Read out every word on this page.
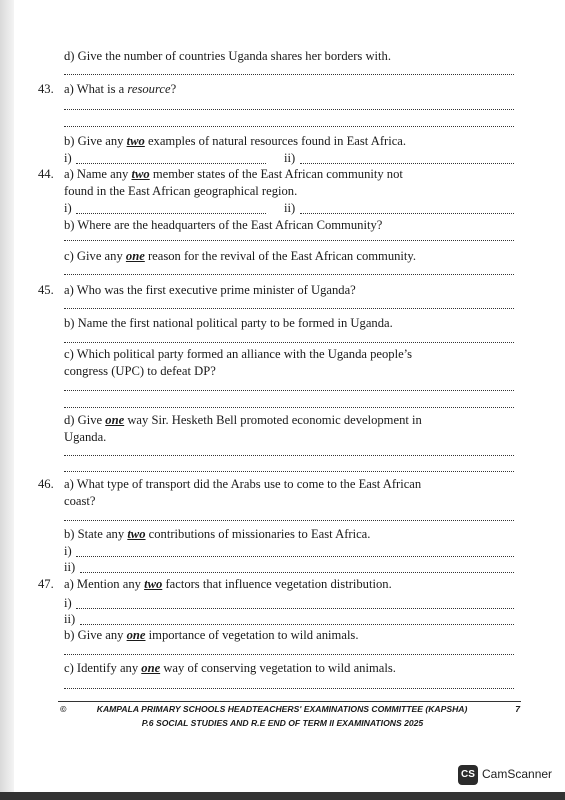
d) Give the number of countries Uganda shares her borders with.
43. a) What is a resource?
b) Give any two examples of natural resources found in East Africa.
i)	ii)
44. a) Name any two member states of the East African community not
found in the East African geographical region.
i)	ii)
b) Where are the headquarters of the East African Community?
c) Give any one reason for the revival of the East African community.
45. a) Who was the first executive prime minister of Uganda?
b) Name the first national political party to be formed in Uganda.
c) Which political party formed an alliance with the Uganda people’s
congress (UPC) to defeat DP?
d) Give one way Sir. Hesketh Bell promoted economic development in
Uganda.
46. a) What type of transport did the Arabs use to come to the East African
coast?
b) State any two contributions of missionaries to East Africa.
i)
ii)
47. a) Mention any two factors that influence vegetation distribution.
i)
ii)
b) Give any one importance of vegetation to wild animals.
c) Identify any one way of conserving vegetation to wild animals.
©	KAMPALA PRIMARY SCHOOLS HEADTEACHERS' EXAMINATIONS COMMITTEE (KAPSHA)	7
P.6 SOCIAL STUDIES AND R.E END OF TERM II EXAMINATIONS 2025
CS CamScanner
